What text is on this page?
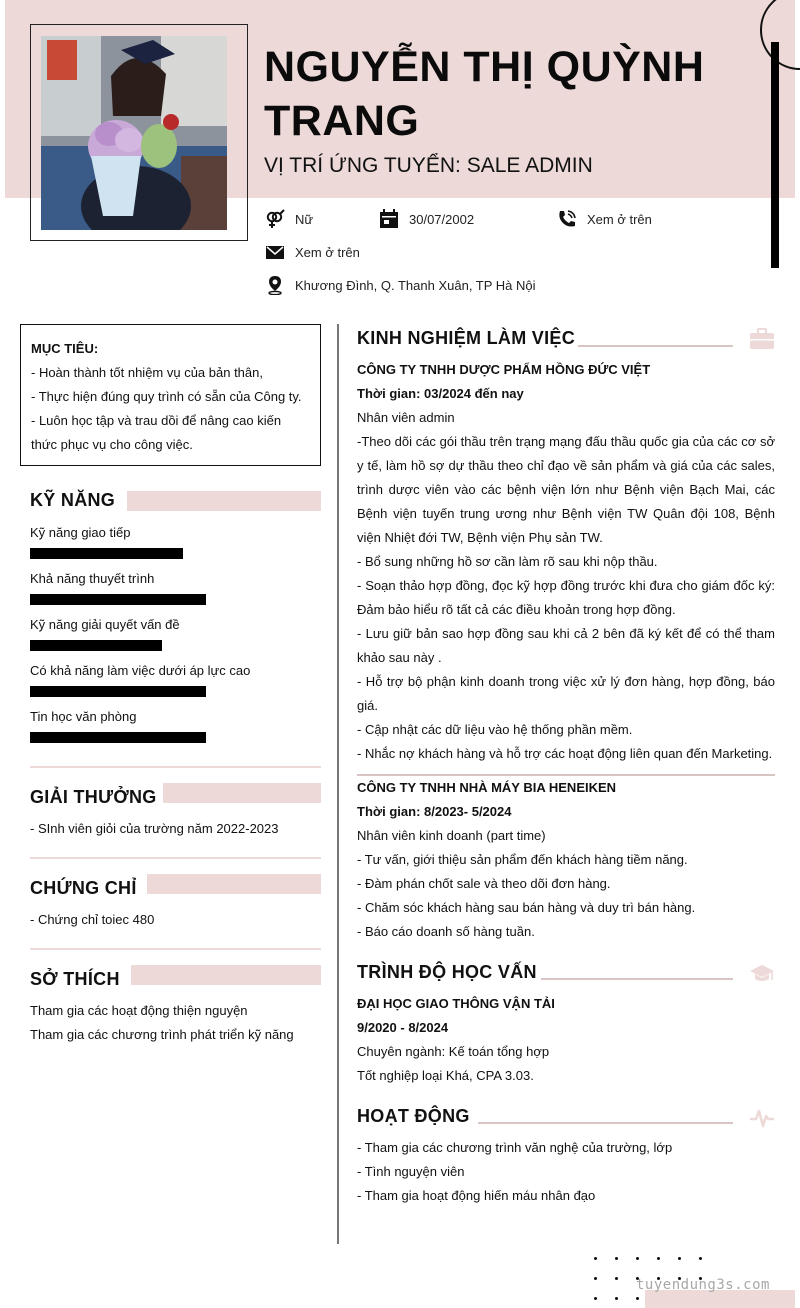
NGUYỄN THỊ QUỲNH TRANG
VỊ TRÍ ỨNG TUYỂN: SALE ADMIN
Nữ	30/07/2002	Xem ở trên
Xem ở trên
Khương Đình, Q. Thanh Xuân, TP Hà Nội
MỤC TIÊU:
- Hoàn thành tốt nhiệm vụ của bản thân,
- Thực hiện đúng quy trình có sẵn của Công ty.
- Luôn học tập và trau dồi để nâng cao kiến thức phục vụ cho công việc.
KỸ NĂNG
Kỹ năng giao tiếp
Khả năng thuyết trình
Kỹ năng giải quyết vấn đề
Có khả năng làm việc dưới áp lực cao
Tin học văn phòng
GIẢI THƯỞNG
- SInh viên giỏi của trường năm 2022-2023
CHỨNG CHỈ
- Chứng chỉ toiec 480
SỞ THÍCH
Tham gia các hoạt động thiện nguyện
Tham gia các chương trình phát triển kỹ năng
KINH NGHIỆM LÀM VIỆC
CÔNG TY TNHH DƯỢC PHẨM HỒNG ĐỨC VIỆT
Thời gian: 03/2024 đến nay
Nhân viên admin
-Theo dõi các gói thầu trên trạng mạng đấu thầu quốc gia của các cơ sở y tế, làm hồ sợ dự thầu theo chỉ đạo về sản phẩm và giá của các sales, trình dược viên vào các bệnh viện lớn như Bệnh viện Bạch Mai, các Bệnh viện tuyến trung ương như Bệnh viện TW Quân đội 108, Bệnh viện Nhiệt đới TW, Bệnh viện Phụ sản TW.
- Bổ sung những hồ sơ cần làm rõ sau khi nộp thầu.
- Soạn thảo hợp đồng, đọc kỹ hợp đồng trước khi đưa cho giám đốc ký: Đảm bảo hiểu rõ tất cả các điều khoản trong hợp đồng.
- Lưu giữ bản sao hợp đồng sau khi cả 2 bên đã ký kết để có thể tham khảo sau này .
- Hỗ trợ bộ phận kinh doanh trong việc xử lý đơn hàng, hợp đồng, báo giá.
- Cập nhật các dữ liệu vào hệ thống phần mềm.
- Nhắc nợ khách hàng và hỗ trợ các hoạt động liên quan đến Marketing.
CÔNG TY TNHH NHÀ MÁY BIA HENEIKEN
Thời gian: 8/2023- 5/2024
Nhân viên kinh doanh (part time)
- Tư vấn, giới thiệu sản phẩm đến khách hàng tiềm năng.
- Đàm phán chốt sale và theo dõi đơn hàng.
- Chăm sóc khách hàng sau bán hàng và duy trì bán hàng.
- Báo cáo doanh số hàng tuần.
TRÌNH ĐỘ HỌC VẤN
ĐẠI HỌC GIAO THÔNG VẬN TẢI
9/2020 - 8/2024
Chuyên ngành: Kế toán tổng hợp
Tốt nghiệp loại Khá, CPA 3.03.
HOẠT ĐỘNG
- Tham gia các chương trình văn nghệ của trường, lớp
- Tình nguyện viên
- Tham gia hoạt động hiến máu nhân đạo
tuyendung3s.com
